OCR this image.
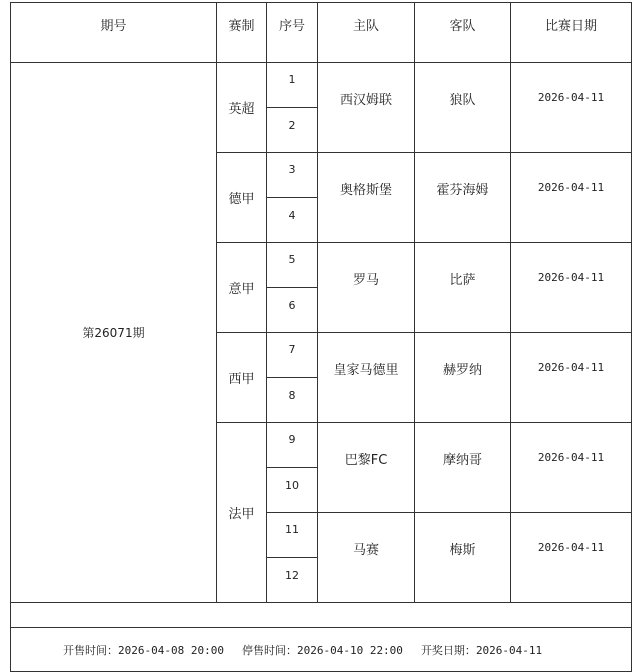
期号	赛制	序号	主队	客队	比赛日期
第26071期	英超	1	西汉姆联	狼队	2026-04-11
		2			
	德甲	3	奥格斯堡	霍芬海姆	2026-04-11
		4			
	意甲	5	罗马	比萨	2026-04-11
		6			
	西甲	7	皇家马德里	赫罗纳	2026-04-11
		8			
	法甲	9	巴黎FC	摩纳哥	2026-04-11
		10			
		11	马赛	梅斯	2026-04-11
		12			

开售时间：2026-04-08 20:00 停售时间：2026-04-10 22:00 开奖日期：2026-04-11					
